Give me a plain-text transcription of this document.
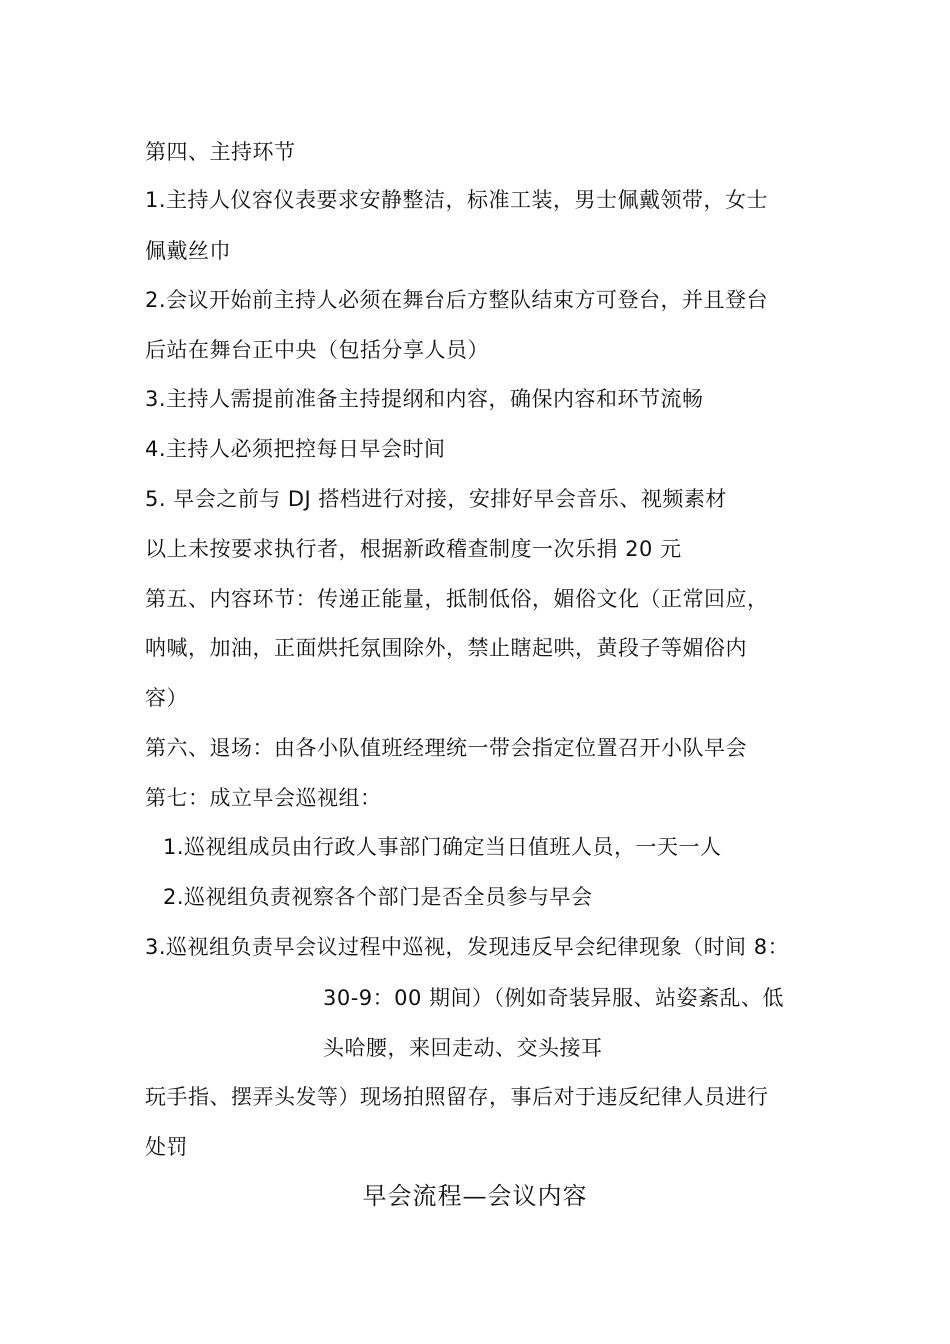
第四、主持环节
1.主持人仪容仪表要求安静整洁，标准工装，男士佩戴领带，女士
佩戴丝巾
2.会议开始前主持人必须在舞台后方整队结束方可登台，并且登台
后站在舞台正中央（包括分享人员）
3.主持人需提前准备主持提纲和内容，确保内容和环节流畅
4.主持人必须把控每日早会时间
5. 早会之前与 DJ 搭档进行对接，安排好早会音乐、视频素材
以上未按要求执行者，根据新政稽查制度一次乐捐 20 元
第五、内容环节：传递正能量，抵制低俗，媚俗文化（正常回应，
呐喊，加油，正面烘托氛围除外，禁止瞎起哄，黄段子等媚俗内
容）
第六、退场：由各小队值班经理统一带会指定位置召开小队早会
第七：成立早会巡视组：
1.巡视组成员由行政人事部门确定当日值班人员，一天一人
2.巡视组负责视察各个部门是否全员参与早会
3.巡视组负责早会议过程中巡视，发现违反早会纪律现象（时间 8：
30-9：00 期间）（例如奇装异服、站姿紊乱、低
头哈腰，来回走动、交头接耳
玩手指、摆弄头发等）现场拍照留存，事后对于违反纪律人员进行
处罚
早会流程—会议内容
